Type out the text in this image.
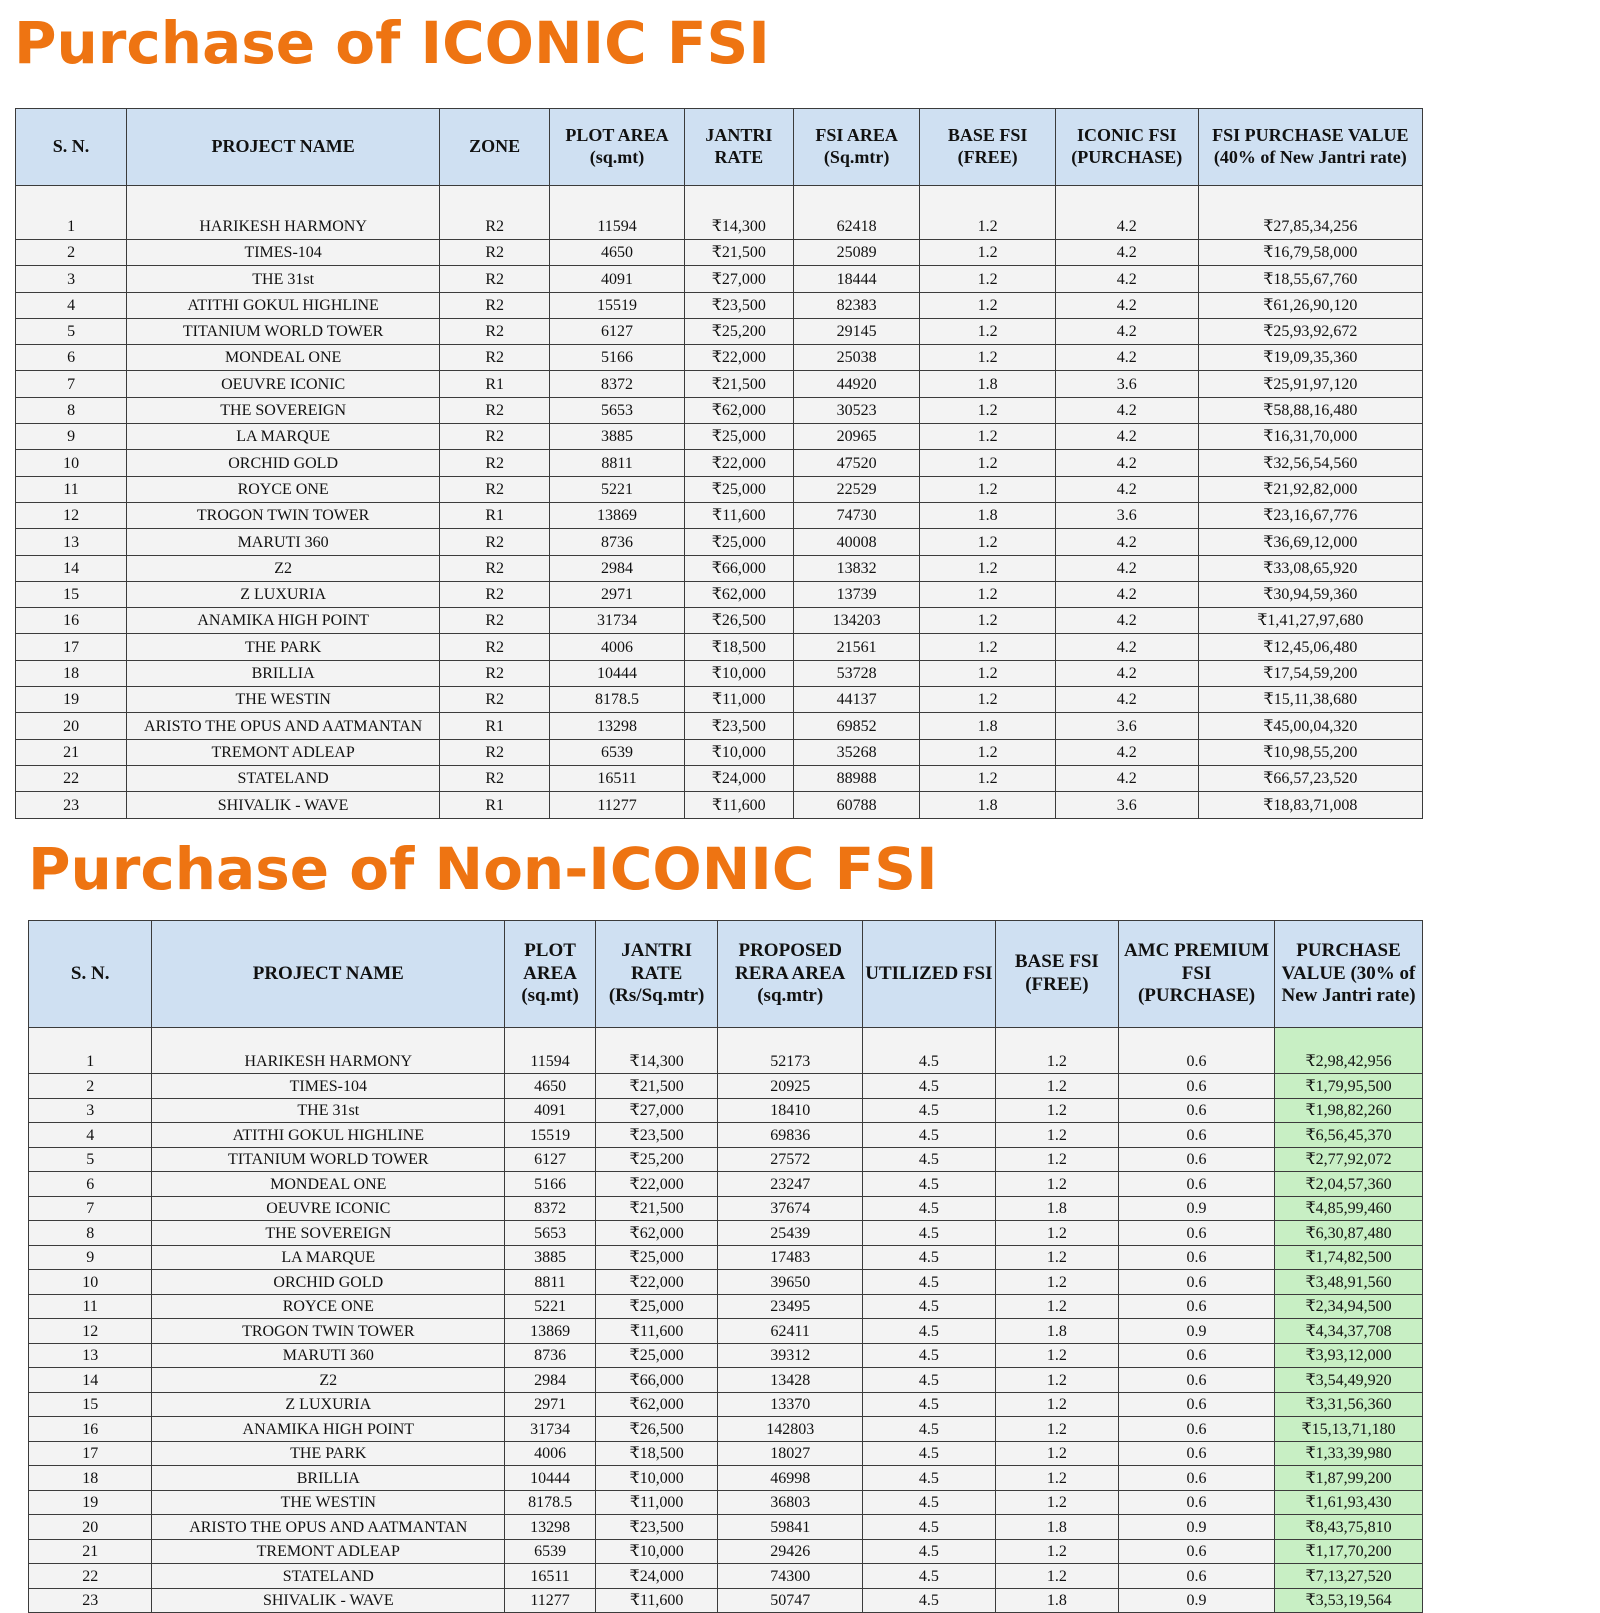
Purchase of ICONIC FSI
S. N.	PROJECT NAME	ZONE	PLOT AREA (sq.mt)	JANTRI RATE	FSI AREA (Sq.mtr)	BASE FSI (FREE)	ICONIC FSI (PURCHASE)	FSI PURCHASE VALUE (40% of New Jantri rate)
1	HARIKESH HARMONY	R2	11594	₹14,300	62418	1.2	4.2	₹27,85,34,256
2	TIMES-104	R2	4650	₹21,500	25089	1.2	4.2	₹16,79,58,000
3	THE 31st	R2	4091	₹27,000	18444	1.2	4.2	₹18,55,67,760
4	ATITHI GOKUL HIGHLINE	R2	15519	₹23,500	82383	1.2	4.2	₹61,26,90,120
5	TITANIUM WORLD TOWER	R2	6127	₹25,200	29145	1.2	4.2	₹25,93,92,672
6	MONDEAL ONE	R2	5166	₹22,000	25038	1.2	4.2	₹19,09,35,360
7	OEUVRE ICONIC	R1	8372	₹21,500	44920	1.8	3.6	₹25,91,97,120
8	THE SOVEREIGN	R2	5653	₹62,000	30523	1.2	4.2	₹58,88,16,480
9	LA MARQUE	R2	3885	₹25,000	20965	1.2	4.2	₹16,31,70,000
10	ORCHID GOLD	R2	8811	₹22,000	47520	1.2	4.2	₹32,56,54,560
11	ROYCE ONE	R2	5221	₹25,000	22529	1.2	4.2	₹21,92,82,000
12	TROGON TWIN TOWER	R1	13869	₹11,600	74730	1.8	3.6	₹23,16,67,776
13	MARUTI 360	R2	8736	₹25,000	40008	1.2	4.2	₹36,69,12,000
14	Z2	R2	2984	₹66,000	13832	1.2	4.2	₹33,08,65,920
15	Z LUXURIA	R2	2971	₹62,000	13739	1.2	4.2	₹30,94,59,360
16	ANAMIKA HIGH POINT	R2	31734	₹26,500	134203	1.2	4.2	₹1,41,27,97,680
17	THE PARK	R2	4006	₹18,500	21561	1.2	4.2	₹12,45,06,480
18	BRILLIA	R2	10444	₹10,000	53728	1.2	4.2	₹17,54,59,200
19	THE WESTIN	R2	8178.5	₹11,000	44137	1.2	4.2	₹15,11,38,680
20	ARISTO THE OPUS AND AATMANTAN	R1	13298	₹23,500	69852	1.8	3.6	₹45,00,04,320
21	TREMONT ADLEAP	R2	6539	₹10,000	35268	1.2	4.2	₹10,98,55,200
22	STATELAND	R2	16511	₹24,000	88988	1.2	4.2	₹66,57,23,520
23	SHIVALIK - WAVE	R1	11277	₹11,600	60788	1.8	3.6	₹18,83,71,008
Purchase of Non-ICONIC FSI
S. N.	PROJECT NAME	PLOT AREA (sq.mt)	JANTRI RATE (Rs/Sq.mtr)	PROPOSED RERA AREA (sq.mtr)	UTILIZED FSI	BASE FSI (FREE)	AMC PREMIUM FSI (PURCHASE)	PURCHASE VALUE (30% of New Jantri rate)
1	HARIKESH HARMONY	11594	₹14,300	52173	4.5	1.2	0.6	₹2,98,42,956
2	TIMES-104	4650	₹21,500	20925	4.5	1.2	0.6	₹1,79,95,500
3	THE 31st	4091	₹27,000	18410	4.5	1.2	0.6	₹1,98,82,260
4	ATITHI GOKUL HIGHLINE	15519	₹23,500	69836	4.5	1.2	0.6	₹6,56,45,370
5	TITANIUM WORLD TOWER	6127	₹25,200	27572	4.5	1.2	0.6	₹2,77,92,072
6	MONDEAL ONE	5166	₹22,000	23247	4.5	1.2	0.6	₹2,04,57,360
7	OEUVRE ICONIC	8372	₹21,500	37674	4.5	1.8	0.9	₹4,85,99,460
8	THE SOVEREIGN	5653	₹62,000	25439	4.5	1.2	0.6	₹6,30,87,480
9	LA MARQUE	3885	₹25,000	17483	4.5	1.2	0.6	₹1,74,82,500
10	ORCHID GOLD	8811	₹22,000	39650	4.5	1.2	0.6	₹3,48,91,560
11	ROYCE ONE	5221	₹25,000	23495	4.5	1.2	0.6	₹2,34,94,500
12	TROGON TWIN TOWER	13869	₹11,600	62411	4.5	1.8	0.9	₹4,34,37,708
13	MARUTI 360	8736	₹25,000	39312	4.5	1.2	0.6	₹3,93,12,000
14	Z2	2984	₹66,000	13428	4.5	1.2	0.6	₹3,54,49,920
15	Z LUXURIA	2971	₹62,000	13370	4.5	1.2	0.6	₹3,31,56,360
16	ANAMIKA HIGH POINT	31734	₹26,500	142803	4.5	1.2	0.6	₹15,13,71,180
17	THE PARK	4006	₹18,500	18027	4.5	1.2	0.6	₹1,33,39,980
18	BRILLIA	10444	₹10,000	46998	4.5	1.2	0.6	₹1,87,99,200
19	THE WESTIN	8178.5	₹11,000	36803	4.5	1.2	0.6	₹1,61,93,430
20	ARISTO THE OPUS AND AATMANTAN	13298	₹23,500	59841	4.5	1.8	0.9	₹8,43,75,810
21	TREMONT ADLEAP	6539	₹10,000	29426	4.5	1.2	0.6	₹1,17,70,200
22	STATELAND	16511	₹24,000	74300	4.5	1.2	0.6	₹7,13,27,520
23	SHIVALIK - WAVE	11277	₹11,600	50747	4.5	1.8	0.9	₹3,53,19,564
